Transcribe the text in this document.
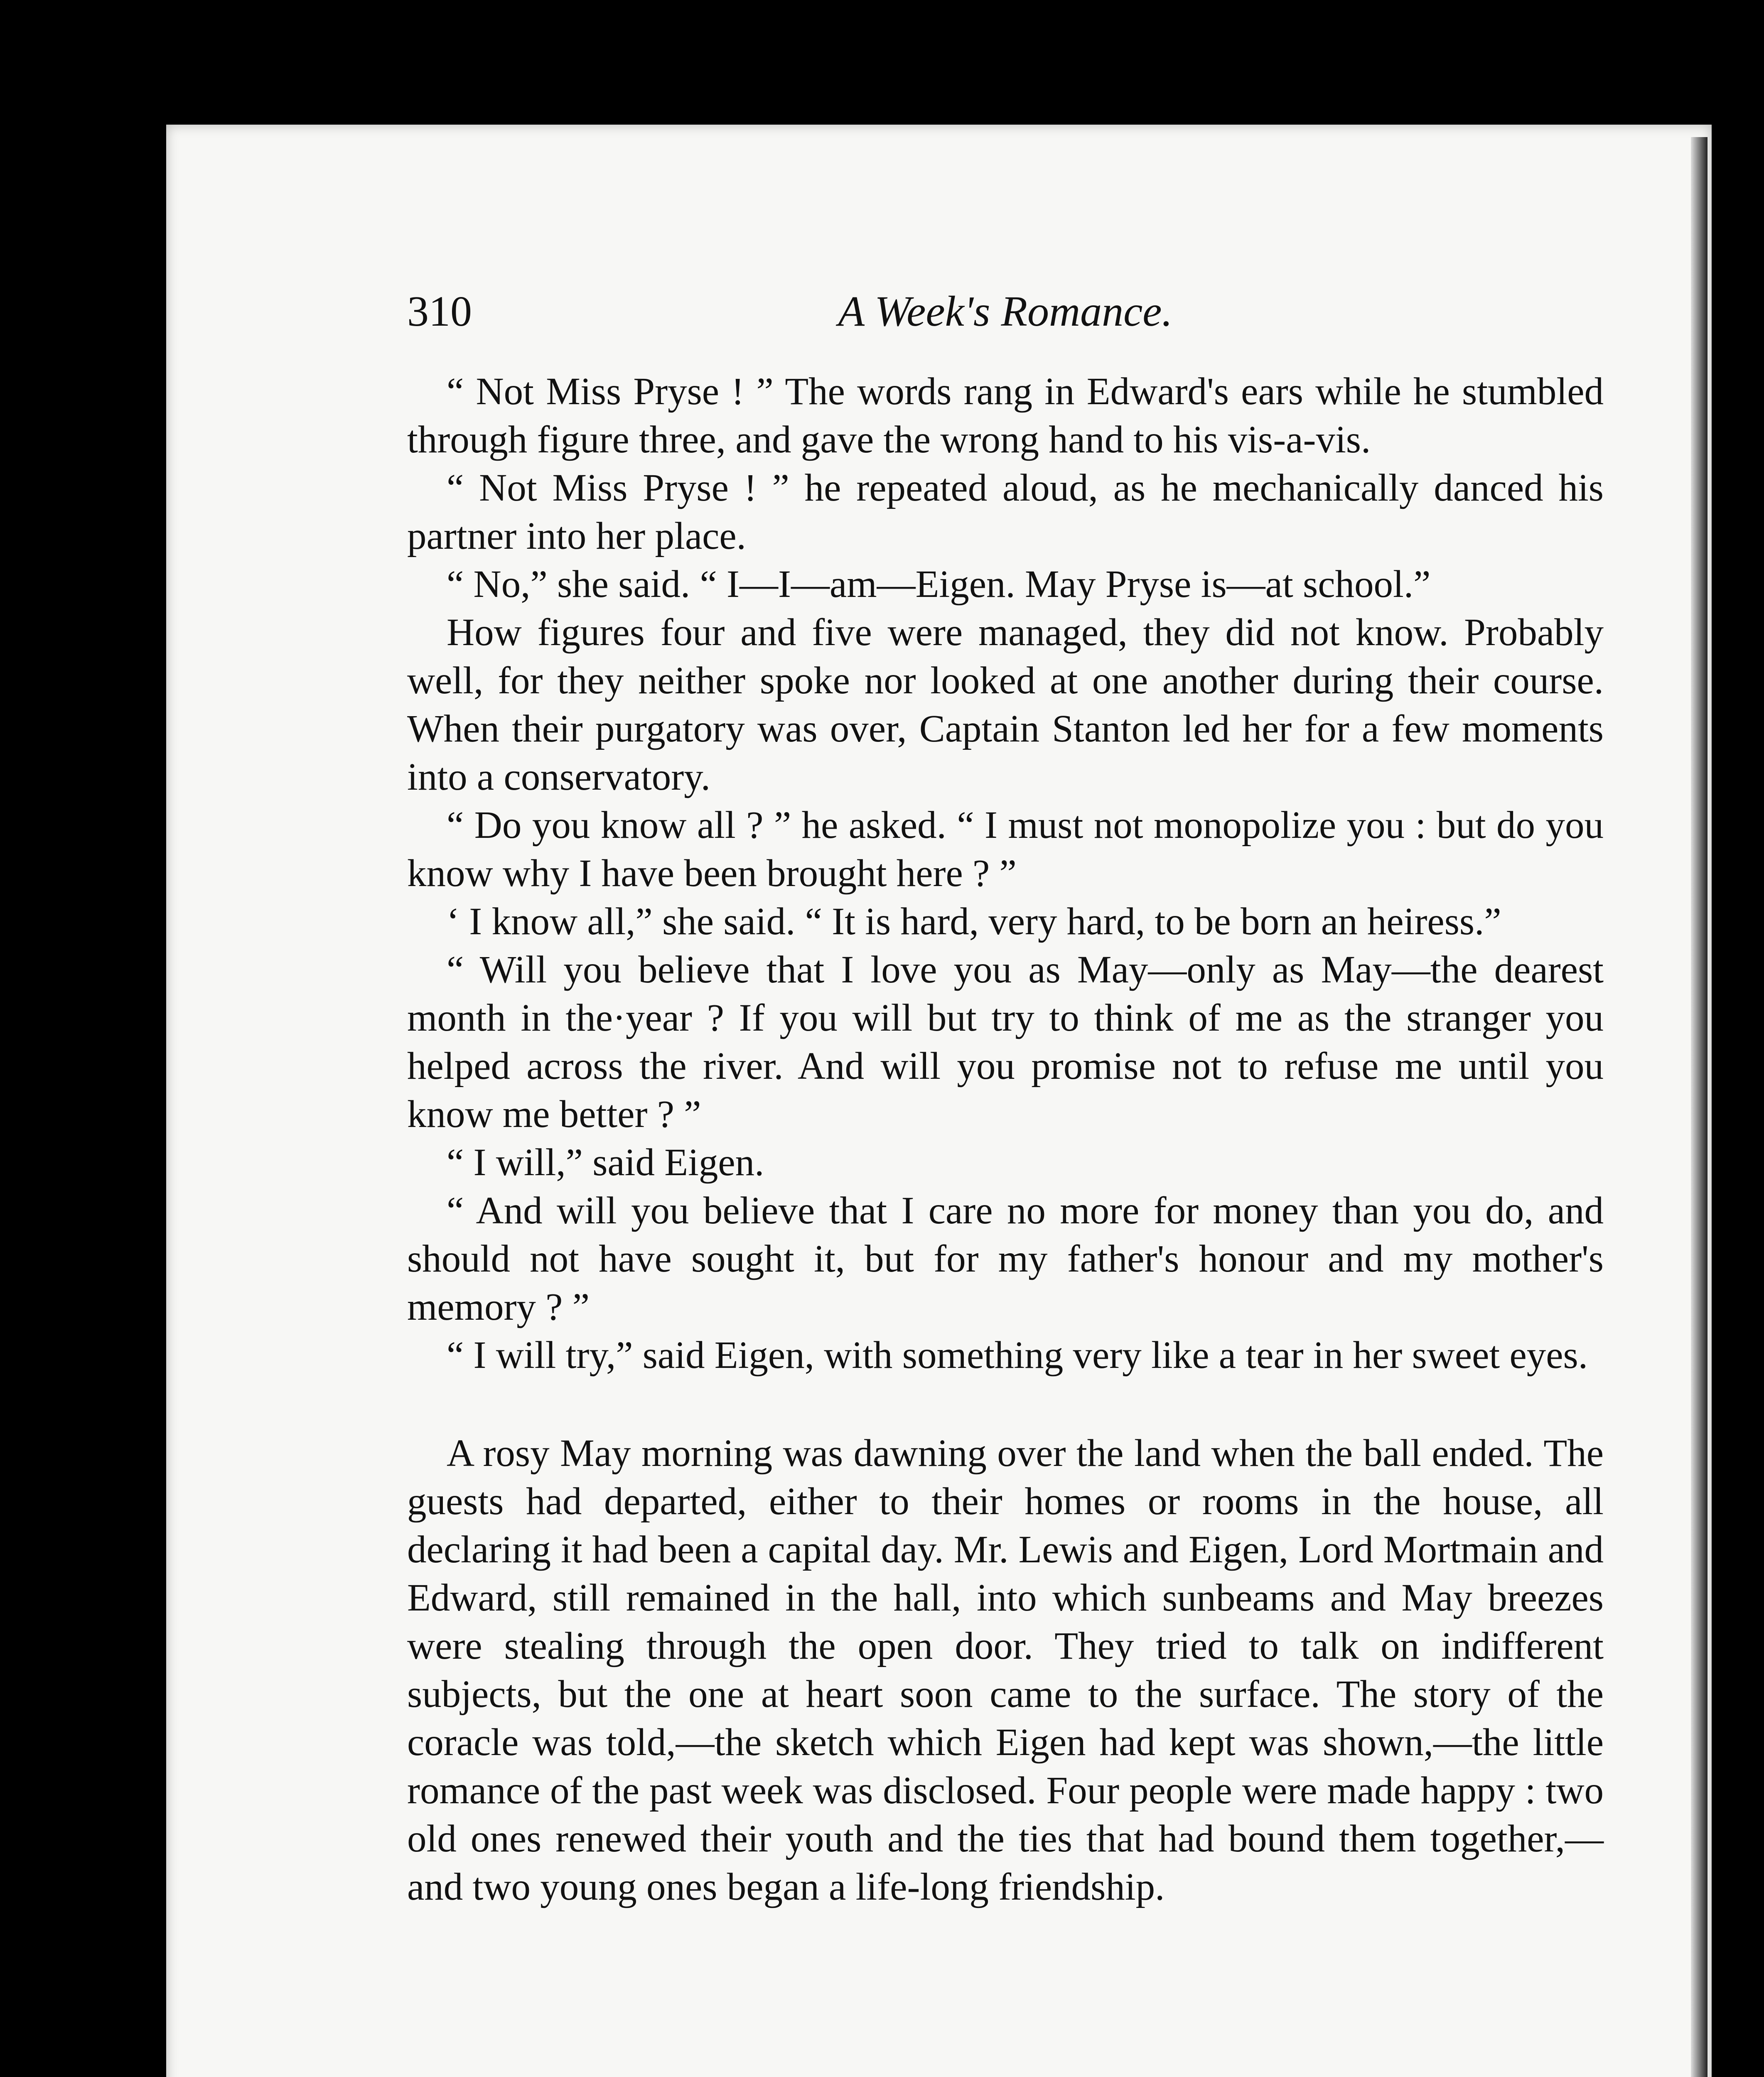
310	A Week's Romance.

“ Not Miss Pryse ! ” The words rang in Edward's ears while he stumbled through figure three, and gave the wrong hand to his vis-a-vis.

“ Not Miss Pryse ! ” he repeated aloud, as he mechanically danced his partner into her place.

“ No,” she said. “ I—I—am—Eigen. May Pryse is—at school.”

How figures four and five were managed, they did not know. Probably well, for they neither spoke nor looked at one another during their course. When their purgatory was over, Captain Stanton led her for a few moments into a conservatory.

“ Do you know all ? ” he asked. “ I must not monopolize you : but do you know why I have been brought here ? ”

‘ I know all,” she said. “ It is hard, very hard, to be born an heiress.”

“ Will you believe that I love you as May—only as May—the dearest month in the·year ? If you will but try to think of me as the stranger you helped across the river. And will you promise not to refuse me until you know me better ? ”

“ I will,” said Eigen.

“ And will you believe that I care no more for money than you do, and should not have sought it, but for my father's honour and my mother's memory ? ”

“ I will try,” said Eigen, with something very like a tear in her sweet eyes.

A rosy May morning was dawning over the land when the ball ended. The guests had departed, either to their homes or rooms in the house, all declaring it had been a capital day. Mr. Lewis and Eigen, Lord Mortmain and Edward, still remained in the hall, into which sunbeams and May breezes were stealing through the open door. They tried to talk on indifferent subjects, but the one at heart soon came to the surface. The story of the coracle was told,—the sketch which Eigen had kept was shown,—the little romance of the past week was disclosed. Four people were made happy : two old ones renewed their youth and the ties that had bound them together,—and two young ones began a life-long friendship.
